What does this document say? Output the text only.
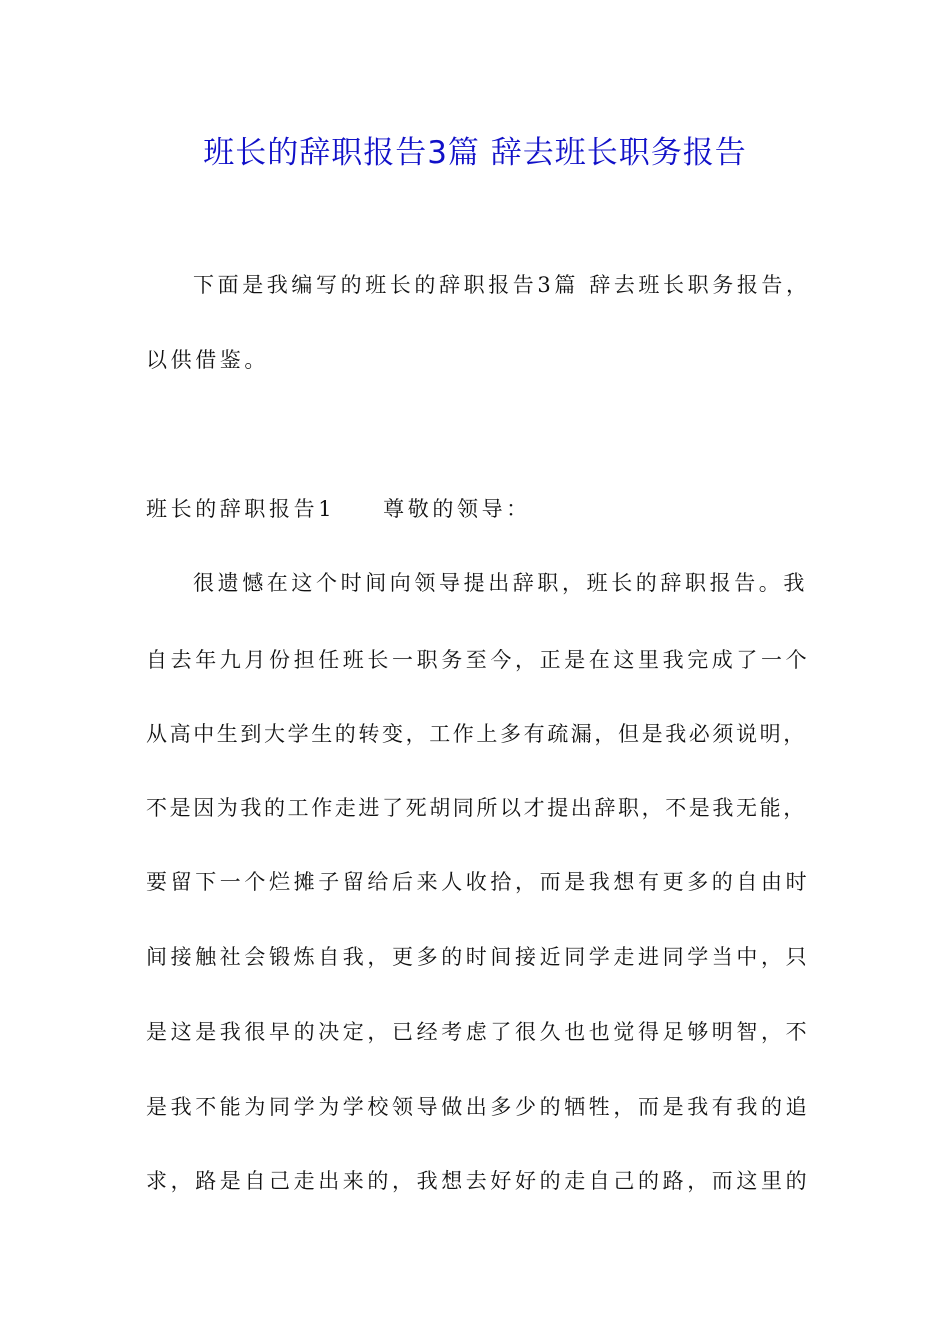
班长的辞职报告3篇 辞去班长职务报告
下面是我编写的班长的辞职报告3篇 辞去班长职务报告，
以供借鉴。
班长的辞职报告1 尊敬的领导：
很遗憾在这个时间向领导提出辞职，班长的辞职报告。我
自去年九月份担任班长一职务至今，正是在这里我完成了一个
从高中生到大学生的转变，工作上多有疏漏，但是我必须说明，
不是因为我的工作走进了死胡同所以才提出辞职，不是我无能，
要留下一个烂摊子留给后来人收拾，而是我想有更多的自由时
间接触社会锻炼自我，更多的时间接近同学走进同学当中，只
是这是我很早的决定，已经考虑了很久也也觉得足够明智，不
是我不能为同学为学校领导做出多少的牺牲，而是我有我的追
求，路是自己走出来的，我想去好好的走自己的路，而这里的
